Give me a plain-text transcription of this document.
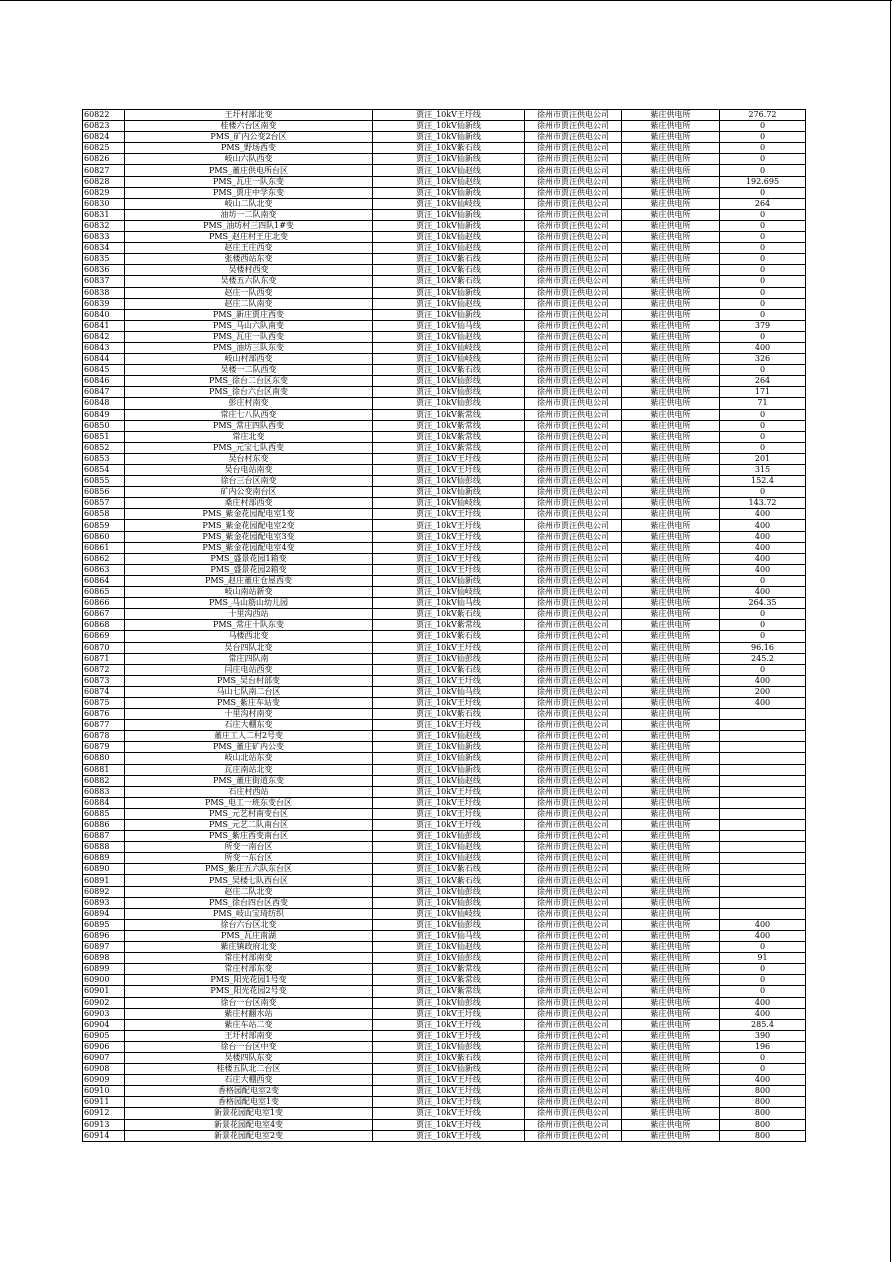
60822	王圩村部北变	贾汪_10kV王圩线	徐州市贾汪供电公司	紫庄供电所	276.72
60823	桂楼六台区南变	贾汪_10kV仙新线	徐州市贾汪供电公司	紫庄供电所	0
60824	PMS_矿内公变2台区	贾汪_10kV仙新线	徐州市贾汪供电公司	紫庄供电所	0
60825	PMS_野场西变	贾汪_10kV紫石线	徐州市贾汪供电公司	紫庄供电所	0
60826	岐山六队西变	贾汪_10kV仙新线	徐州市贾汪供电公司	紫庄供电所	0
60827	PMS_董庄供电所台区	贾汪_10kV仙赵线	徐州市贾汪供电公司	紫庄供电所	0
60828	PMS_瓦庄一队东变	贾汪_10kV仙赵线	徐州市贾汪供电公司	紫庄供电所	192.695
60829	PMS_贾庄中学东变	贾汪_10kV仙新线	徐州市贾汪供电公司	紫庄供电所	0
60830	岐山二队北变	贾汪_10kV仙岐线	徐州市贾汪供电公司	紫庄供电所	264
60831	油坊一二队南变	贾汪_10kV仙新线	徐州市贾汪供电公司	紫庄供电所	0
60832	PMS_油坊村三四队1#变	贾汪_10kV仙新线	徐州市贾汪供电公司	紫庄供电所	0
60833	PMS_赵庄村王庄北变	贾汪_10kV仙赵线	徐州市贾汪供电公司	紫庄供电所	0
60834	赵庄王庄西变	贾汪_10kV仙赵线	徐州市贾汪供电公司	紫庄供电所	0
60835	张楼西站东变	贾汪_10kV紫石线	徐州市贾汪供电公司	紫庄供电所	0
60836	吴楼村西变	贾汪_10kV紫石线	徐州市贾汪供电公司	紫庄供电所	0
60837	吴楼五六队东变	贾汪_10kV紫石线	徐州市贾汪供电公司	紫庄供电所	0
60838	赵庄一队西变	贾汪_10kV仙新线	徐州市贾汪供电公司	紫庄供电所	0
60839	赵庄二队南变	贾汪_10kV仙赵线	徐州市贾汪供电公司	紫庄供电所	0
60840	PMS_新庄贾庄西变	贾汪_10kV仙新线	徐州市贾汪供电公司	紫庄供电所	0
60841	PMS_马山六队南变	贾汪_10kV仙马线	徐州市贾汪供电公司	紫庄供电所	379
60842	PMS_瓦庄一队西变	贾汪_10kV仙赵线	徐州市贾汪供电公司	紫庄供电所	0
60843	PMS_油坊三队东变	贾汪_10kV仙岐线	徐州市贾汪供电公司	紫庄供电所	400
60844	岐山村部西变	贾汪_10kV仙岐线	徐州市贾汪供电公司	紫庄供电所	326
60845	吴楼一二队西变	贾汪_10kV紫石线	徐州市贾汪供电公司	紫庄供电所	0
60846	PMS_徐台二台区东变	贾汪_10kV仙彭线	徐州市贾汪供电公司	紫庄供电所	264
60847	PMS_徐台六台区南变	贾汪_10kV仙彭线	徐州市贾汪供电公司	紫庄供电所	171
60848	彭庄村南变	贾汪_10kV仙彭线	徐州市贾汪供电公司	紫庄供电所	71
60849	常庄七八队西变	贾汪_10kV紫常线	徐州市贾汪供电公司	紫庄供电所	0
60850	PMS_常庄四队西变	贾汪_10kV紫常线	徐州市贾汪供电公司	紫庄供电所	0
60851	常庄北变	贾汪_10kV紫常线	徐州市贾汪供电公司	紫庄供电所	0
60852	PMS_元宝七队西变	贾汪_10kV紫常线	徐州市贾汪供电公司	紫庄供电所	0
60853	吴台村东变	贾汪_10kV王圩线	徐州市贾汪供电公司	紫庄供电所	201
60854	吴台电站南变	贾汪_10kV王圩线	徐州市贾汪供电公司	紫庄供电所	315
60855	徐台三台区南变	贾汪_10kV仙彭线	徐州市贾汪供电公司	紫庄供电所	152.4
60856	矿内公变南台区	贾汪_10kV仙新线	徐州市贾汪供电公司	紫庄供电所	0
60857	桑庄村部西变	贾汪_10kV仙岐线	徐州市贾汪供电公司	紫庄供电所	143.72
60858	PMS_紫金花园配电室1变	贾汪_10kV王圩线	徐州市贾汪供电公司	紫庄供电所	400
60859	PMS_紫金花园配电室2变	贾汪_10kV王圩线	徐州市贾汪供电公司	紫庄供电所	400
60860	PMS_紫金花园配电室3变	贾汪_10kV王圩线	徐州市贾汪供电公司	紫庄供电所	400
60861	PMS_紫金花园配电室4变	贾汪_10kV王圩线	徐州市贾汪供电公司	紫庄供电所	400
60862	PMS_盛景花园1箱变	贾汪_10kV王圩线	徐州市贾汪供电公司	紫庄供电所	400
60863	PMS_盛景花园2箱变	贾汪_10kV王圩线	徐州市贾汪供电公司	紫庄供电所	400
60864	PMS_赵庄董庄仓屋西变	贾汪_10kV仙新线	徐州市贾汪供电公司	紫庄供电所	0
60865	岐山南站新变	贾汪_10kV仙岐线	徐州市贾汪供电公司	紫庄供电所	400
60866	PMS_马山筋山幼儿园	贾汪_10kV仙马线	徐州市贾汪供电公司	紫庄供电所	264.35
60867	十里沟西站	贾汪_10kV紫石线	徐州市贾汪供电公司	紫庄供电所	0
60868	PMS_常庄十队东变	贾汪_10kV紫常线	徐州市贾汪供电公司	紫庄供电所	0
60869	马楼西北变	贾汪_10kV紫石线	徐州市贾汪供电公司	紫庄供电所	0
60870	吴台四队北变	贾汪_10kV王圩线	徐州市贾汪供电公司	紫庄供电所	96.16
60871	常庄四队南	贾汪_10kV仙彭线	徐州市贾汪供电公司	紫庄供电所	245.2
60872	闫庄电站西变	贾汪_10kV紫石线	徐州市贾汪供电公司	紫庄供电所	0
60873	PMS_吴台村部变	贾汪_10kV王圩线	徐州市贾汪供电公司	紫庄供电所	400
60874	马山七队南二台区	贾汪_10kV仙马线	徐州市贾汪供电公司	紫庄供电所	200
60875	PMS_紫庄车站变	贾汪_10kV王圩线	徐州市贾汪供电公司	紫庄供电所	400
60876	十里沟村南变	贾汪_10kV紫石线	徐州市贾汪供电公司	紫庄供电所	
60877	石庄大棚东变	贾汪_10kV王圩线	徐州市贾汪供电公司	紫庄供电所	
60878	董庄工人二村2号变	贾汪_10kV仙赵线	徐州市贾汪供电公司	紫庄供电所	
60879	PMS_董庄矿内公变	贾汪_10kV仙新线	徐州市贾汪供电公司	紫庄供电所	
60880	岐山北站东变	贾汪_10kV仙新线	徐州市贾汪供电公司	紫庄供电所	
60881	瓦庄南站北变	贾汪_10kV仙新线	徐州市贾汪供电公司	紫庄供电所	
60882	PMS_董庄街道东变	贾汪_10kV仙赵线	徐州市贾汪供电公司	紫庄供电所	
60883	石庄村西站	贾汪_10kV王圩线	徐州市贾汪供电公司	紫庄供电所	
60884	PMS_电工一班东变台区	贾汪_10kV王圩线	徐州市贾汪供电公司	紫庄供电所	
60885	PMS_元艺村南变台区	贾汪_10kV王圩线	徐州市贾汪供电公司	紫庄供电所	
60886	PMS_元艺二队南台区	贾汪_10kV王圩线	徐州市贾汪供电公司	紫庄供电所	
60887	PMS_紫庄西变南台区	贾汪_10kV仙彭线	徐州市贾汪供电公司	紫庄供电所	
60888	所变一南台区	贾汪_10kV仙赵线	徐州市贾汪供电公司	紫庄供电所	
60889	所变一东台区	贾汪_10kV仙赵线	徐州市贾汪供电公司	紫庄供电所	
60890	PMS_紫庄五六队东台区	贾汪_10kV紫石线	徐州市贾汪供电公司	紫庄供电所	
60891	PMS_吴楼七队西台区	贾汪_10kV紫石线	徐州市贾汪供电公司	紫庄供电所	
60892	赵庄二队北变	贾汪_10kV仙彭线	徐州市贾汪供电公司	紫庄供电所	
60893	PMS_徐台四台区西变	贾汪_10kV仙彭线	徐州市贾汪供电公司	紫庄供电所	
60894	PMS_岐山宝琦纺织	贾汪_10kV仙岐线	徐州市贾汪供电公司	紫庄供电所	
60895	徐台六台区北变	贾汪_10kV仙彭线	徐州市贾汪供电公司	紫庄供电所	400
60896	PMS_瓦庄南湖	贾汪_10kV仙马线	徐州市贾汪供电公司	紫庄供电所	400
60897	紫庄镇政府北变	贾汪_10kV仙赵线	徐州市贾汪供电公司	紫庄供电所	0
60898	常庄村部南变	贾汪_10kV仙彭线	徐州市贾汪供电公司	紫庄供电所	91
60899	常庄村部东变	贾汪_10kV紫常线	徐州市贾汪供电公司	紫庄供电所	0
60900	PMS_阳光花园1号变	贾汪_10kV紫常线	徐州市贾汪供电公司	紫庄供电所	0
60901	PMS_阳光花园2号变	贾汪_10kV紫常线	徐州市贾汪供电公司	紫庄供电所	0
60902	徐台一台区南变	贾汪_10kV仙彭线	徐州市贾汪供电公司	紫庄供电所	400
60903	紫庄村翻水站	贾汪_10kV王圩线	徐州市贾汪供电公司	紫庄供电所	400
60904	紫庄车站二变	贾汪_10kV王圩线	徐州市贾汪供电公司	紫庄供电所	285.4
60905	王圩村部南变	贾汪_10kV王圩线	徐州市贾汪供电公司	紫庄供电所	390
60906	徐台一台区中变	贾汪_10kV仙彭线	徐州市贾汪供电公司	紫庄供电所	196
60907	吴楼四队东变	贾汪_10kV紫石线	徐州市贾汪供电公司	紫庄供电所	0
60908	桂楼五队北二台区	贾汪_10kV仙新线	徐州市贾汪供电公司	紫庄供电所	0
60909	石庄大棚西变	贾汪_10kV王圩线	徐州市贾汪供电公司	紫庄供电所	400
60910	香格园配电室2变	贾汪_10kV王圩线	徐州市贾汪供电公司	紫庄供电所	800
60911	香格园配电室1变	贾汪_10kV王圩线	徐州市贾汪供电公司	紫庄供电所	800
60912	新景花园配电室1变	贾汪_10kV王圩线	徐州市贾汪供电公司	紫庄供电所	800
60913	新景花园配电室4变	贾汪_10kV王圩线	徐州市贾汪供电公司	紫庄供电所	800
60914	新景花园配电室2变	贾汪_10kV王圩线	徐州市贾汪供电公司	紫庄供电所	800
